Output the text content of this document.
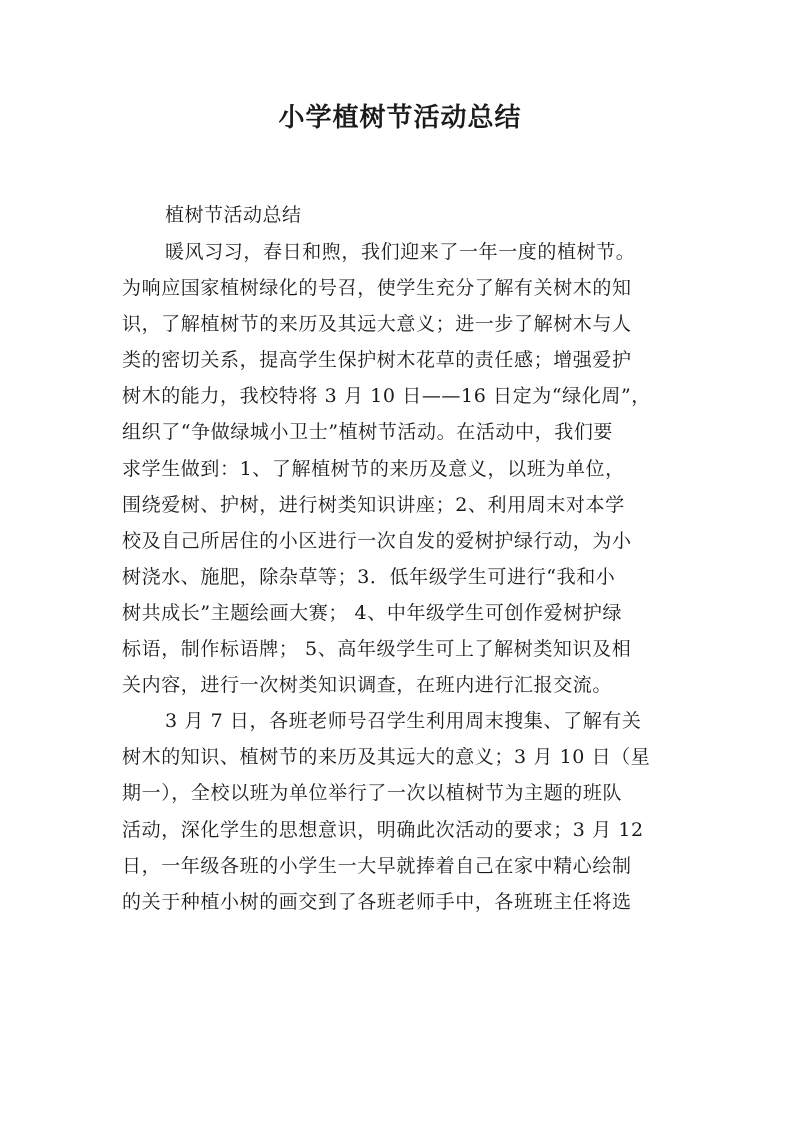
小学植树节活动总结
植树节活动总结
暖风习习，春日和煦，我们迎来了一年一度的植树节。
为响应国家植树绿化的号召，使学生充分了解有关树木的知
识，了解植树节的来历及其远大意义；进一步了解树木与人
类的密切关系，提高学生保护树木花草的责任感；增强爱护
树木的能力，我校特将 3 月 10 日——16 日定为“绿化周”，
组织了“争做绿城小卫士”植树节活动。在活动中，我们要
求学生做到：1、了解植树节的来历及意义，以班为单位，
围绕爱树、护树，进行树类知识讲座；2、利用周末对本学
校及自己所居住的小区进行一次自发的爱树护绿行动，为小
树浇水、施肥，除杂草等；3．低年级学生可进行“我和小
树共成长”主题绘画大赛； 4、中年级学生可创作爱树护绿
标语，制作标语牌； 5、高年级学生可上了解树类知识及相
关内容，进行一次树类知识调查，在班内进行汇报交流。
3 月 7 日，各班老师号召学生利用周末搜集、了解有关
树木的知识、植树节的来历及其远大的意义；3 月 10 日（星
期一），全校以班为单位举行了一次以植树节为主题的班队
活动，深化学生的思想意识，明确此次活动的要求；3 月 12
日，一年级各班的小学生一大早就捧着自己在家中精心绘制
的关于种植小树的画交到了各班老师手中，各班班主任将选
